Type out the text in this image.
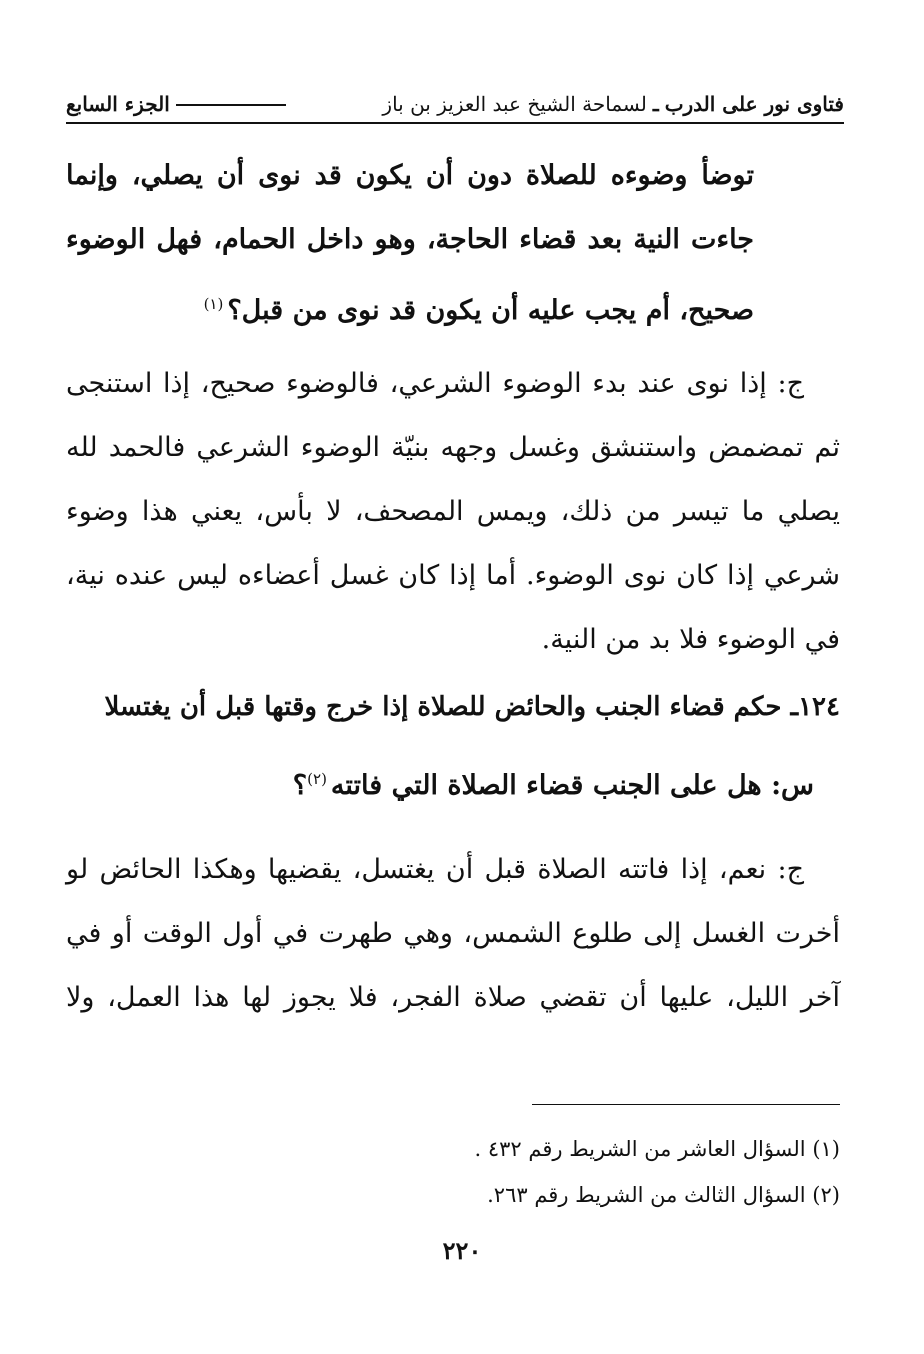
فتاوى نور على الدرب
ـ
لسماحة الشيخ عبد العزيز بن باز
الجزء السابع
توضأ وضوءه للصلاة دون أن يكون قد نوى أن يصلي، وإنما
جاءت النية بعد قضاء الحاجة، وهو داخل الحمام، فهل الوضوء
صحيح، أم يجب عليه أن يكون قد نوى من قبل؟$^{(١)}$
ج: إذا نوى عند بدء الوضوء الشرعي، فالوضوء صحيح، إذا استنجى
ثم تمضمض واستنشق وغسل وجهه بنيّة الوضوء الشرعي فالحمد لله
يصلي ما تيسر من ذلك، ويمس المصحف، لا بأس، يعني هذا وضوء
شرعي إذا كان نوى الوضوء. أما إذا كان غسل أعضاءه ليس عنده نية،
في الوضوء فلا بد من النية.
١٢٤ـ حكم قضاء الجنب والحائض للصلاة إذا خرج وقتها قبل أن يغتسلا
س: هل على الجنب قضاء الصلاة التي فاتته$^{(٢)}$؟
ج: نعم، إذا فاتته الصلاة قبل أن يغتسل، يقضيها وهكذا الحائض لو
أخرت الغسل إلى طلوع الشمس، وهي طهرت في أول الوقت أو في
آخر الليل، عليها أن تقضي صلاة الفجر، فلا يجوز لها هذا العمل، ولا
(١) السؤال العاشر من الشريط رقم ٤٣٢ .
(٢) السؤال الثالث من الشريط رقم ٢٦٣.
٢٢٠
